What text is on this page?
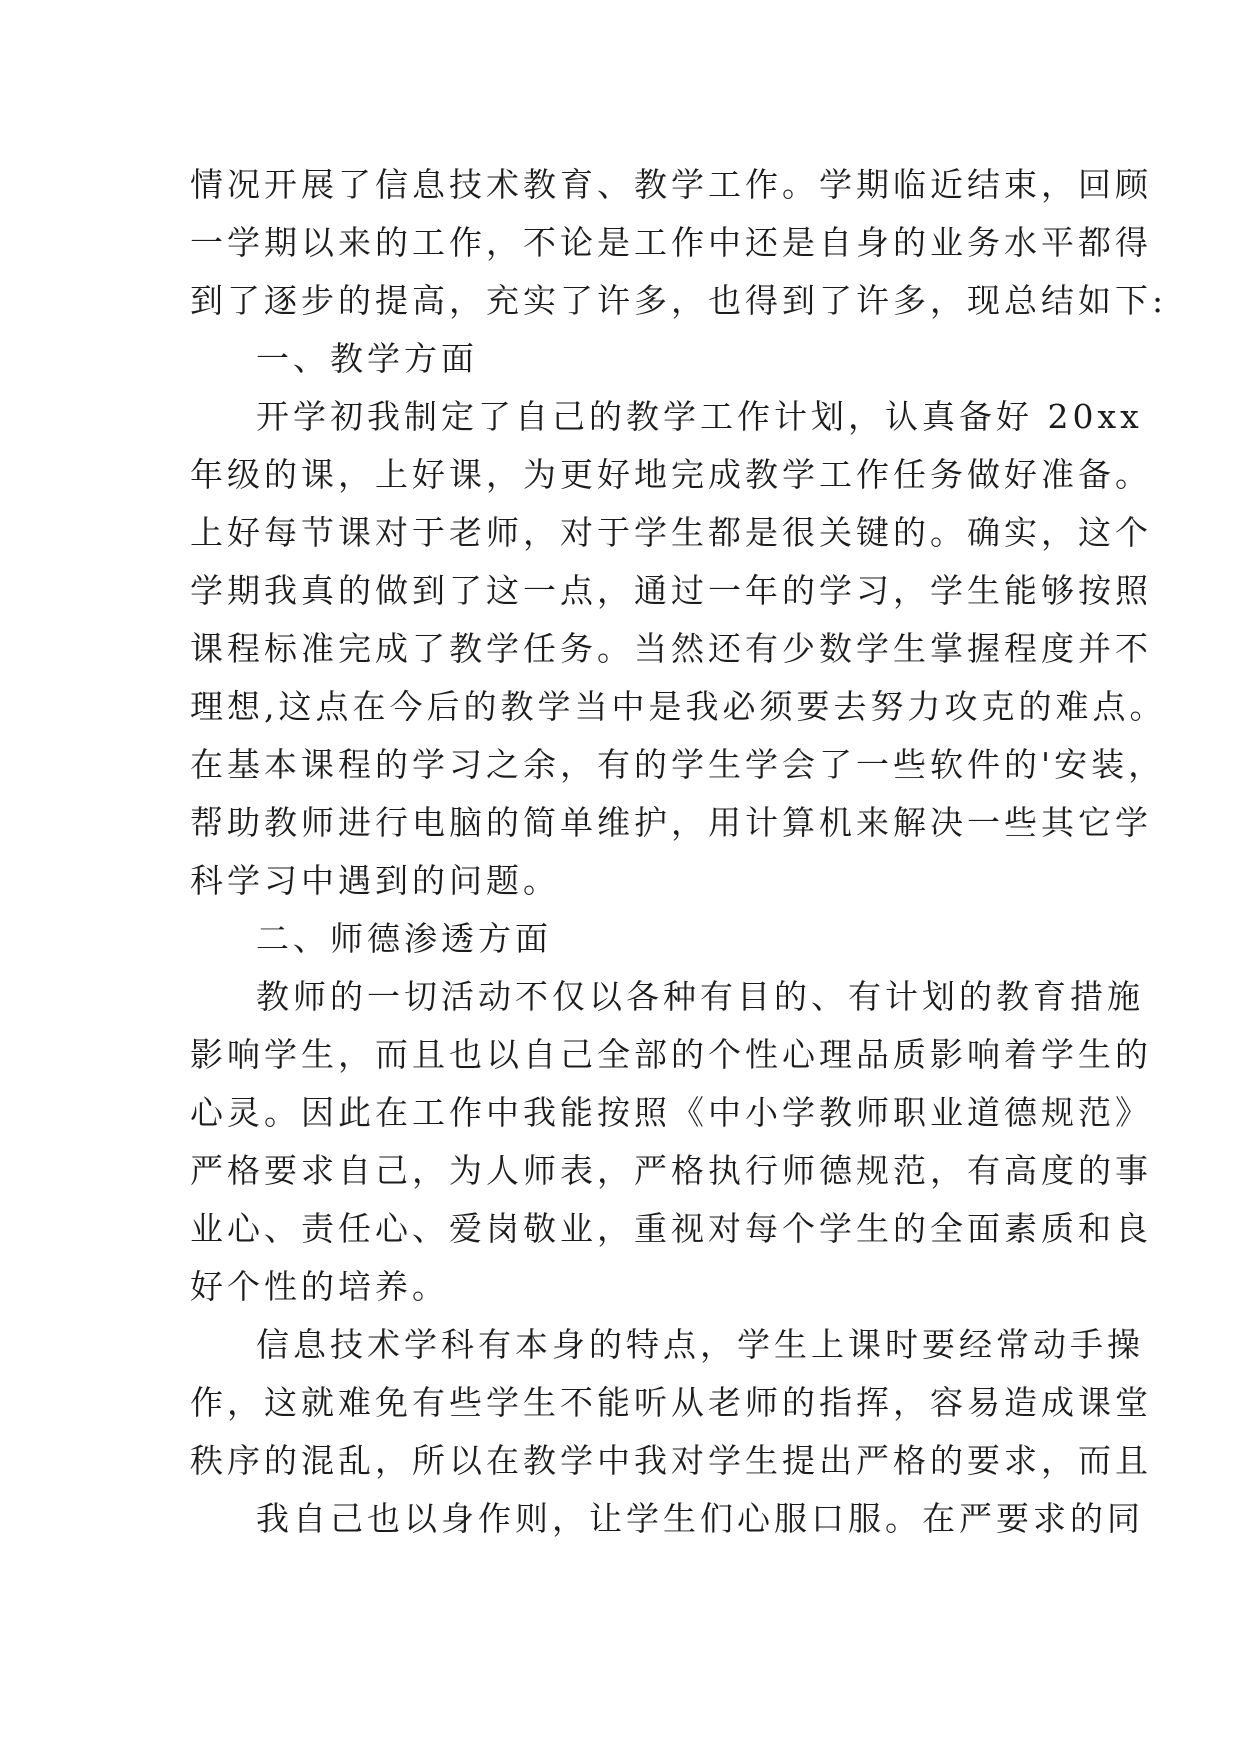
情况开展了信息技术教育、教学工作。学期临近结束，回顾
一学期以来的工作，不论是工作中还是自身的业务水平都得
到了逐步的提高，充实了许多，也得到了许多，现总结如下:
一、教学方面
开学初我制定了自己的教学工作计划，认真备好 20xx
年级的课，上好课，为更好地完成教学工作任务做好准备。
上好每节课对于老师，对于学生都是很关键的。确实，这个
学期我真的做到了这一点，通过一年的学习，学生能够按照
课程标准完成了教学任务。当然还有少数学生掌握程度并不
理想,这点在今后的教学当中是我必须要去努力攻克的难点。
在基本课程的学习之余，有的学生学会了一些软件的'安装，
帮助教师进行电脑的简单维护，用计算机来解决一些其它学
科学习中遇到的问题。
二、师德渗透方面
教师的一切活动不仅以各种有目的、有计划的教育措施
影响学生，而且也以自己全部的个性心理品质影响着学生的
心灵。因此在工作中我能按照《中小学教师职业道德规范》
严格要求自己，为人师表，严格执行师德规范，有高度的事
业心、责任心、爱岗敬业，重视对每个学生的全面素质和良
好个性的培养。
信息技术学科有本身的特点，学生上课时要经常动手操
作，这就难免有些学生不能听从老师的指挥，容易造成课堂
秩序的混乱，所以在教学中我对学生提出严格的要求，而且
我自己也以身作则，让学生们心服口服。在严要求的同
